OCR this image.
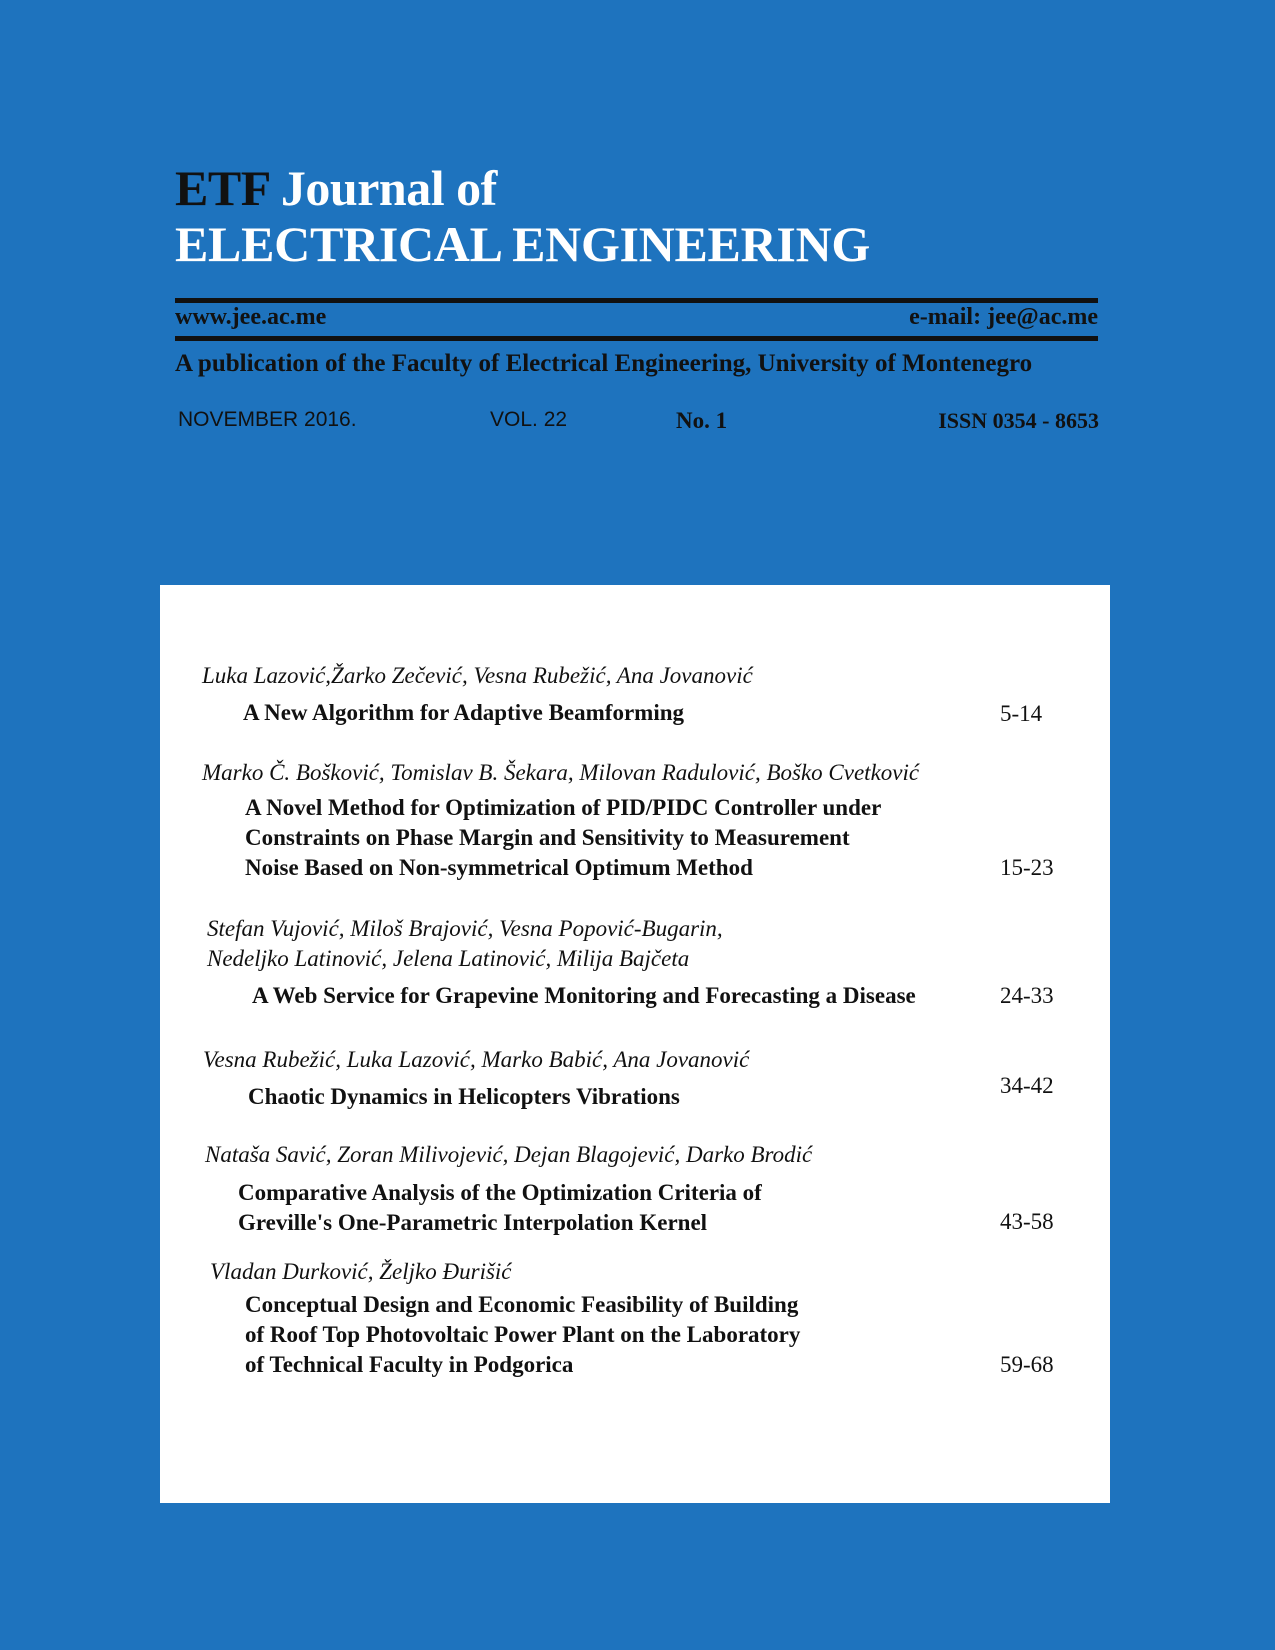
ETF Journal of
ELECTRICAL ENGINEERING
www.jee.ac.me	e-mail: jee@ac.me
A publication of the Faculty of Electrical Engineering, University of Montenegro
NOVEMBER 2016.	VOL. 22	No. 1	ISSN 0354 - 8653
Luka Lazović,Žarko Zečević, Vesna Rubežić, Ana Jovanović
A New Algorithm for Adaptive Beamforming	5-14
Marko Č. Bošković, Tomislav B. Šekara, Milovan Radulović, Boško Cvetković
A Novel Method for Optimization of PID/PIDC Controller under
Constraints on Phase Margin and Sensitivity to Measurement
Noise Based on Non-symmetrical Optimum Method	15-23
Stefan Vujović, Miloš Brajović, Vesna Popović-Bugarin,
Nedeljko Latinović, Jelena Latinović, Milija Bajčeta
A Web Service for Grapevine Monitoring and Forecasting a Disease	24-33
Vesna Rubežić, Luka Lazović, Marko Babić, Ana Jovanović
Chaotic Dynamics in Helicopters Vibrations	34-42
Nataša Savić, Zoran Milivojević, Dejan Blagojević, Darko Brodić
Comparative Analysis of the Optimization Criteria of
Greville's One-Parametric Interpolation Kernel	43-58
Vladan Durković, Željko Đurišić
Conceptual Design and Economic Feasibility of Building
of Roof Top Photovoltaic Power Plant on the Laboratory
of Technical Faculty in Podgorica	59-68
